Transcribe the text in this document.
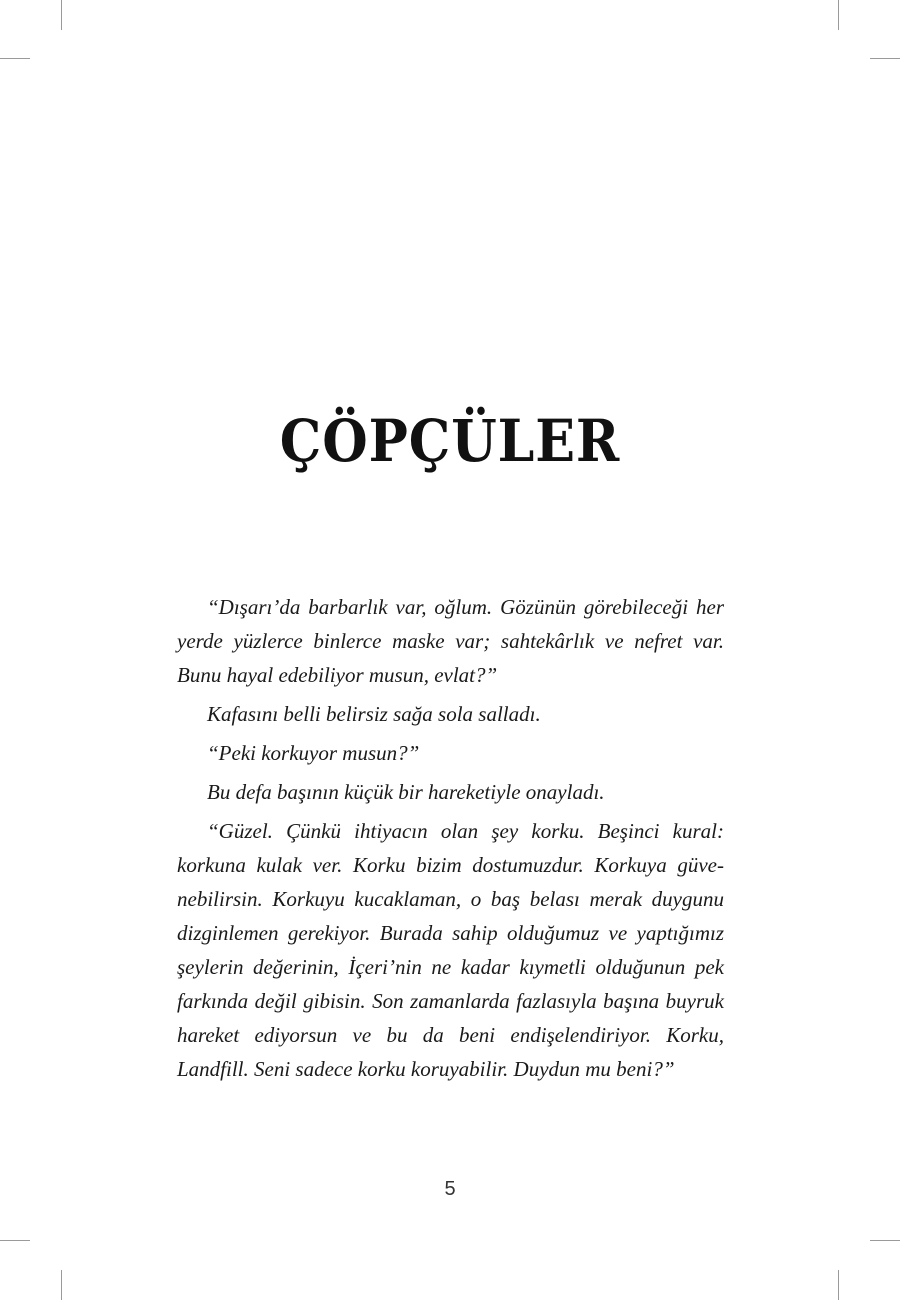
ÇÖPÇÜLER

“Dışarı’da barbarlık var, oğlum. Gözünün görebileceği her yerde yüzlerce binlerce maske var; sahtekârlık ve nefret var. Bunu hayal edebiliyor musun, evlat?”

Kafasını belli belirsiz sağa sola salladı.

“Peki korkuyor musun?”

Bu defa başının küçük bir hareketiyle onayladı.

“Güzel. Çünkü ihtiyacın olan şey korku. Beşinci kural: korkuna kulak ver. Korku bizim dostumuzdur. Korkuya güvenebilirsin. Korkuyu kucaklaman, o baş belası merak duygunu dizginlemen gerekiyor. Burada sahip olduğumuz ve yaptığımız şeylerin değerinin, İçeri’nin ne kadar kıymetli olduğunun pek farkında değil gibisin. Son zamanlarda fazlasıyla başına buyruk hareket ediyorsun ve bu da beni endişelendiriyor. Korku, Landfill. Seni sadece korku koruyabilir. Duydun mu beni?”

5
